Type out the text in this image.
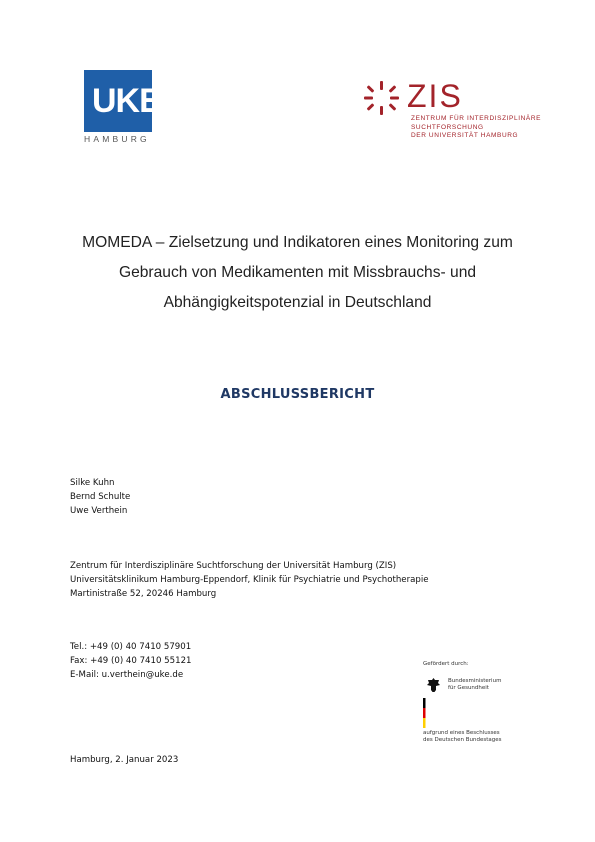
UKE
HAMBURG
ZIS
ZENTRUM FÜR INTERDISZIPLINÄRE
SUCHTFORSCHUNG
DER UNIVERSITÄT HAMBURG
MOMEDA – Zielsetzung und Indikatoren eines Monitoring zum
Gebrauch von Medikamenten mit Missbrauchs- und
Abhängigkeitspotenzial in Deutschland
ABSCHLUSSBERICHT
Silke Kuhn
Bernd Schulte
Uwe Verthein
Zentrum für Interdisziplinäre Suchtforschung der Universität Hamburg (ZIS)
Universitätsklinikum Hamburg-Eppendorf, Klinik für Psychiatrie und Psychotherapie
Martinistraße 52, 20246 Hamburg
Tel.: +49 (0) 40 7410 57901
Fax: +49 (0) 40 7410 55121
E-Mail: u.verthein@uke.de
Gefördert durch:
Bundesministerium
für Gesundheit
aufgrund eines Beschlusses
des Deutschen Bundestages
Hamburg, 2. Januar 2023
